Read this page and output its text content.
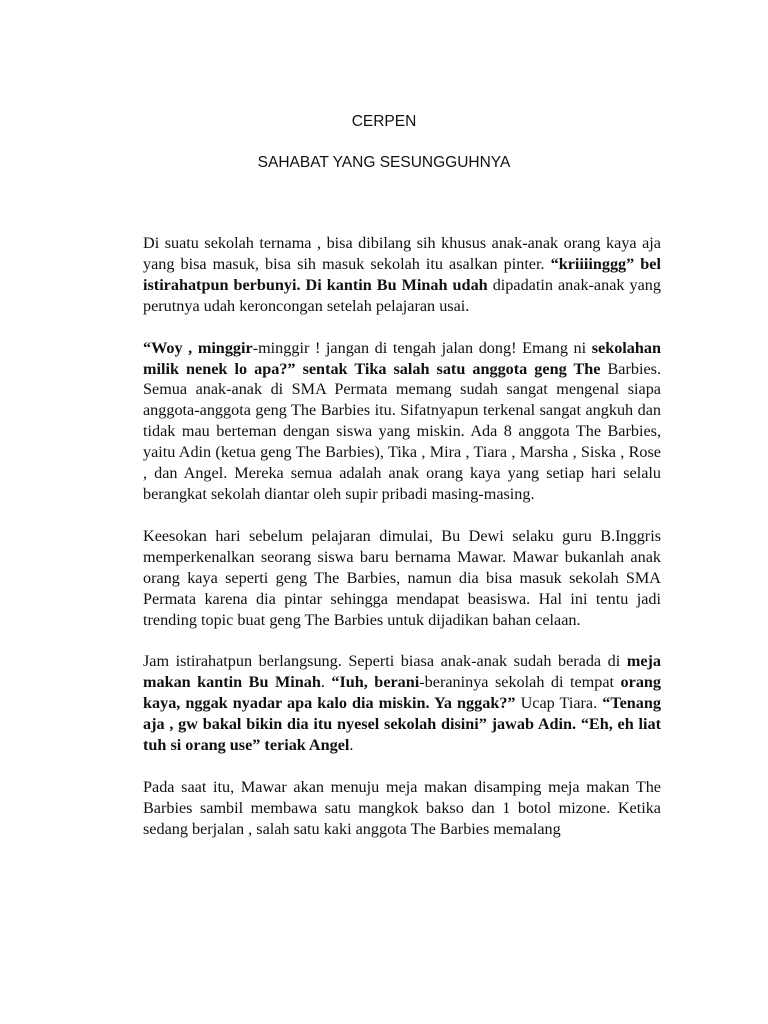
CERPEN
SAHABAT YANG SESUNGGUHNYA

Di suatu sekolah ternama , bisa dibilang sih khusus anak-anak orang kaya aja yang bisa masuk, bisa sih masuk sekolah itu asalkan pinter. “kriiiinggg” bel istirahatpun berbunyi. Di kantin Bu Minah udah dipadatin anak-anak yang perutnya udah keroncongan setelah pelajaran usai.

“Woy , minggir-minggir ! jangan di tengah jalan dong! Emang ni sekolahan milik nenek lo apa?” sentak Tika salah satu anggota geng The Barbies. Semua anak-anak di SMA Permata memang sudah sangat mengenal siapa anggota-anggota geng The Barbies itu. Sifatnyapun terkenal sangat angkuh dan tidak mau berteman dengan siswa yang miskin. Ada 8 anggota The Barbies, yaitu Adin (ketua geng The Barbies), Tika , Mira , Tiara , Marsha , Siska , Rose , dan Angel. Mereka semua adalah anak orang kaya yang setiap hari selalu berangkat sekolah diantar oleh supir pribadi masing-masing.

Keesokan hari sebelum pelajaran dimulai, Bu Dewi selaku guru B.Inggris memperkenalkan seorang siswa baru bernama Mawar. Mawar bukanlah anak orang kaya seperti geng The Barbies, namun dia bisa masuk sekolah SMA Permata karena dia pintar sehingga mendapat beasiswa. Hal ini tentu jadi trending topic buat geng The Barbies untuk dijadikan bahan celaan.

Jam istirahatpun berlangsung. Seperti biasa anak-anak sudah berada di meja makan kantin Bu Minah. “Iuh, berani-beraninya sekolah di tempat orang kaya, nggak nyadar apa kalo dia miskin. Ya nggak?” Ucap Tiara. “Tenang aja , gw bakal bikin dia itu nyesel sekolah disini” jawab Adin. “Eh, eh liat tuh si orang use” teriak Angel.

Pada saat itu, Mawar akan menuju meja makan disamping meja makan The Barbies sambil membawa satu mangkok bakso dan 1 botol mizone. Ketika sedang berjalan , salah satu kaki anggota The Barbies memalang
